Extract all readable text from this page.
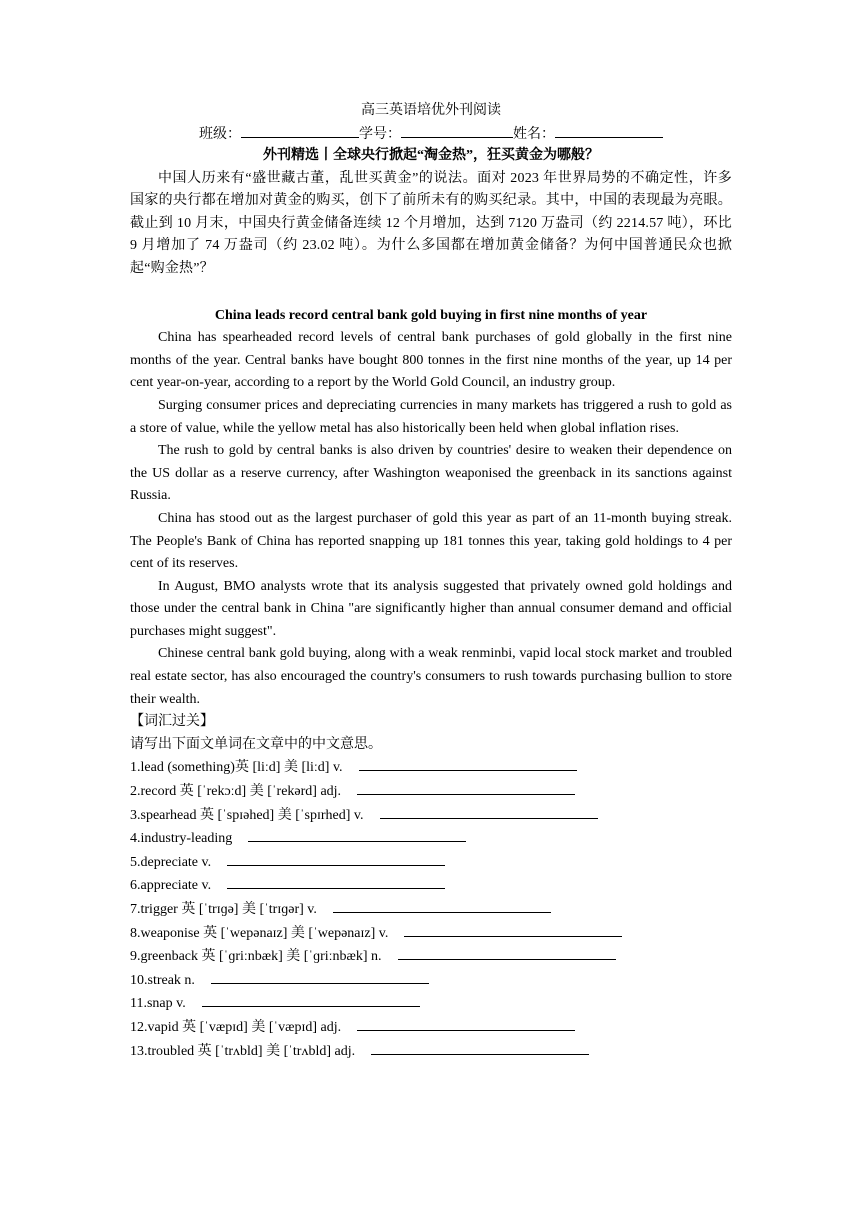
高三英语培优外刊阅读
班级：	学号：	姓名：
外刊精选丨全球央行掀起“淘金热”，狂买黄金为哪般？
中国人历来有“盛世藏古董，乱世买黄金”的说法。面对 2023 年世界局势的不确定性，许多国家的央行都在增加对黄金的购买，创下了前所未有的购买纪录。其中，中国的表现最为亮眼。截止到 10 月末，中国央行黄金储备连续 12 个月增加，达到 7120 万盎司（约 2214.57 吨），环比 9 月增加了 74 万盎司（约 23.02 吨）。为什么多国都在增加黄金储备？为何中国普通民众也掀起“购金热”？
China leads record central bank gold buying in first nine months of year
China has spearheaded record levels of central bank purchases of gold globally in the first nine months of the year. Central banks have bought 800 tonnes in the first nine months of the year, up 14 per cent year-on-year, according to a report by the World Gold Council, an industry group.
Surging consumer prices and depreciating currencies in many markets has triggered a rush to gold as a store of value, while the yellow metal has also historically been held when global inflation rises.
The rush to gold by central banks is also driven by countries' desire to weaken their dependence on the US dollar as a reserve currency, after Washington weaponised the greenback in its sanctions against Russia.
China has stood out as the largest purchaser of gold this year as part of an 11-month buying streak. The People's Bank of China has reported snapping up 181 tonnes this year, taking gold holdings to 4 per cent of its reserves.
In August, BMO analysts wrote that its analysis suggested that privately owned gold holdings and those under the central bank in China "are significantly higher than annual consumer demand and official purchases might suggest".
Chinese central bank gold buying, along with a weak renminbi, vapid local stock market and troubled real estate sector, has also encouraged the country's consumers to rush towards purchasing bullion to store their wealth.
【词汇过关】
请写出下面文单词在文章中的中文意思。
1.lead (something)英 [liːd] 美 [liːd] v.
2.record 英 [ˈrekɔːd] 美 [ˈrekərd] adj.
3.spearhead 英 [ˈspɪəhed] 美 [ˈspɪrhed] v.
4.industry-leading
5.depreciate v.
6.appreciate v.
7.trigger 英 [ˈtrɪɡə] 美 [ˈtrɪɡər] v.
8.weaponise 英 [ˈwepənaɪz] 美 [ˈwepənaɪz] v.
9.greenback 英 [ˈɡriːnbæk] 美 [ˈɡriːnbæk] n.
10.streak n.
11.snap v.
12.vapid 英 [ˈvæpɪd] 美 [ˈvæpɪd] adj.
13.troubled 英 [ˈtrʌbld] 美 [ˈtrʌbld] adj.
